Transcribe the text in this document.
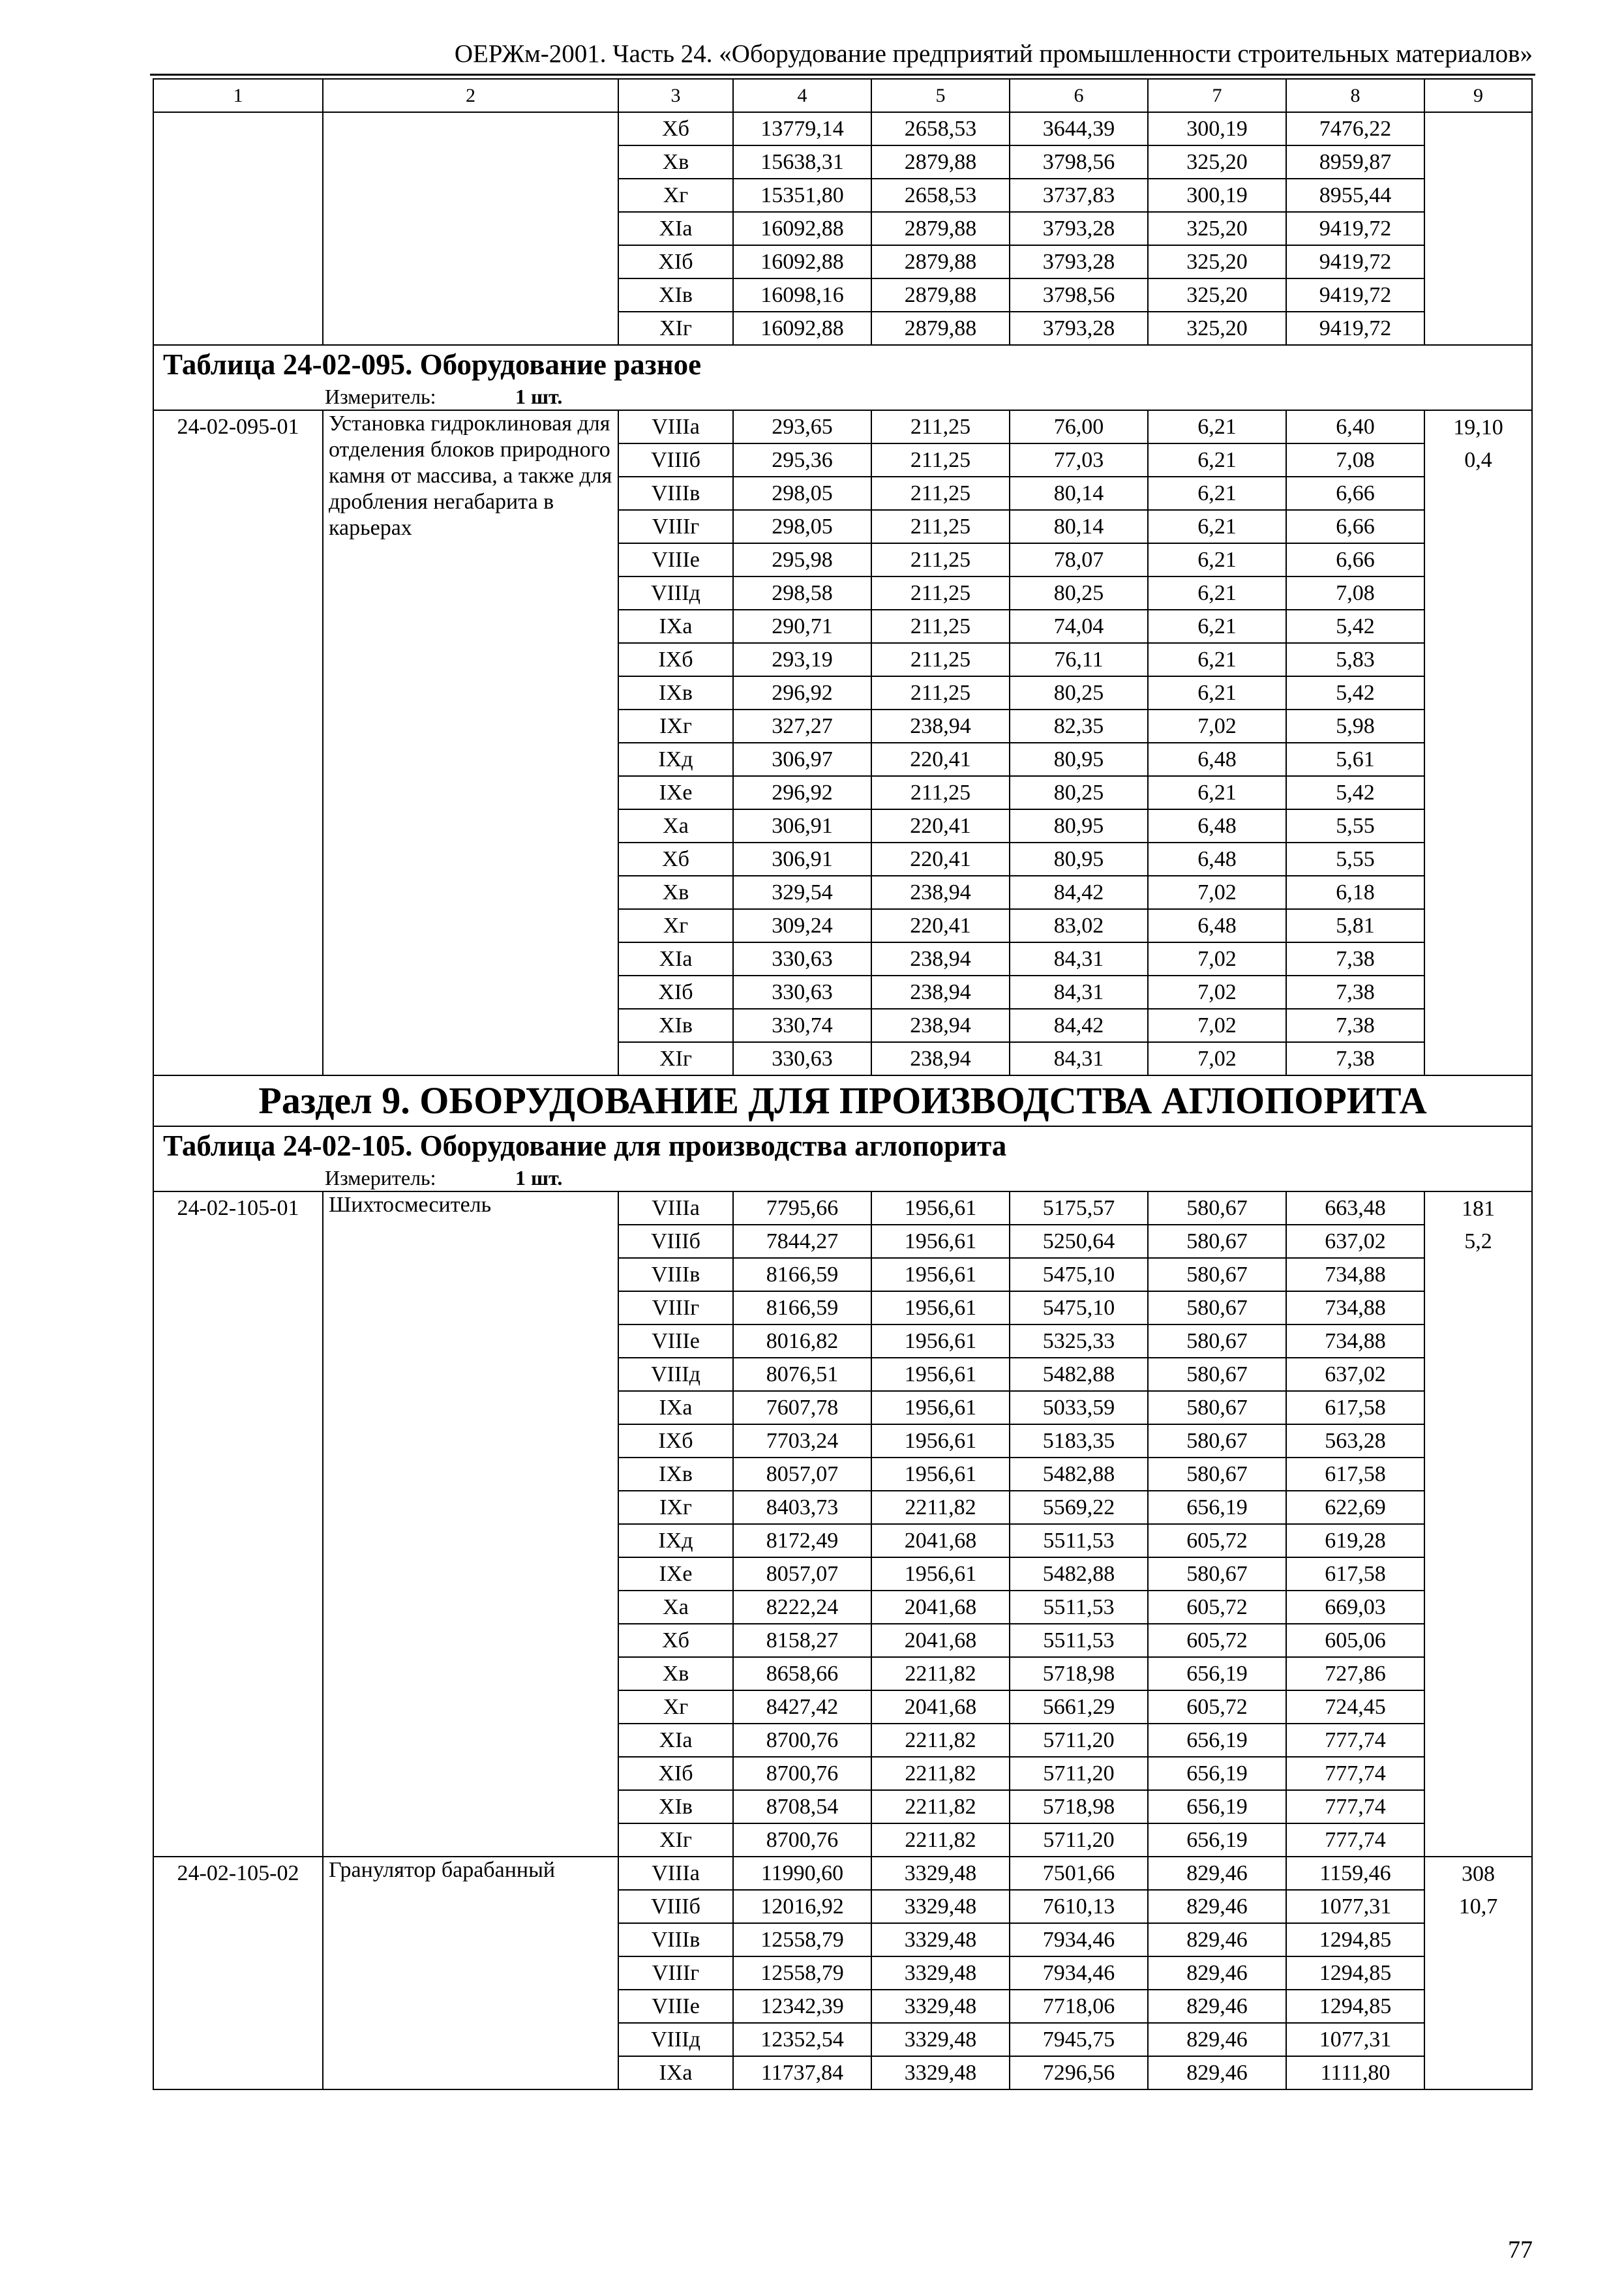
ОЕРЖм-2001. Часть 24. «Оборудование предприятий промышленности строительных материалов»
1	2	3	4	5	6	7	8	9
		Xб	13779,14	2658,53	3644,39	300,19	7476,22	
		Xв	15638,31	2879,88	3798,56	325,20	8959,87	
		Xг	15351,80	2658,53	3737,83	300,19	8955,44	
		XIа	16092,88	2879,88	3793,28	325,20	9419,72	
		XIб	16092,88	2879,88	3793,28	325,20	9419,72	
		XIв	16098,16	2879,88	3798,56	325,20	9419,72	
		XIг	16092,88	2879,88	3793,28	325,20	9419,72	
Таблица 24-02-095. Оборудование разное								
Измеритель: 1 шт.								
24-02-095-01	Установка гидроклиновая для отделения блоков природного камня от массива, а также для дробления негабарита в карьерах	VIIIа	293,65	211,25	76,00	6,21	6,40	19,10
		VIIIб	295,36	211,25	77,03	6,21	7,08	0,4
		VIIIв	298,05	211,25	80,14	6,21	6,66	
		VIIIг	298,05	211,25	80,14	6,21	6,66	
		VIIIе	295,98	211,25	78,07	6,21	6,66	
		VIIIд	298,58	211,25	80,25	6,21	7,08	
		IXа	290,71	211,25	74,04	6,21	5,42	
		IXб	293,19	211,25	76,11	6,21	5,83	
		IXв	296,92	211,25	80,25	6,21	5,42	
		IXг	327,27	238,94	82,35	7,02	5,98	
		IXд	306,97	220,41	80,95	6,48	5,61	
		IXе	296,92	211,25	80,25	6,21	5,42	
		Xа	306,91	220,41	80,95	6,48	5,55	
		Xб	306,91	220,41	80,95	6,48	5,55	
		Xв	329,54	238,94	84,42	7,02	6,18	
		Xг	309,24	220,41	83,02	6,48	5,81	
		XIа	330,63	238,94	84,31	7,02	7,38	
		XIб	330,63	238,94	84,31	7,02	7,38	
		XIв	330,74	238,94	84,42	7,02	7,38	
		XIг	330,63	238,94	84,31	7,02	7,38	
Раздел 9. ОБОРУДОВАНИЕ ДЛЯ ПРОИЗВОДСТВА АГЛОПОРИТА								
Таблица 24-02-105. Оборудование для производства аглопорита								
Измеритель: 1 шт.								
24-02-105-01	Шихтосмеситель	VIIIа	7795,66	1956,61	5175,57	580,67	663,48	181
		VIIIб	7844,27	1956,61	5250,64	580,67	637,02	5,2
		VIIIв	8166,59	1956,61	5475,10	580,67	734,88	
		VIIIг	8166,59	1956,61	5475,10	580,67	734,88	
		VIIIе	8016,82	1956,61	5325,33	580,67	734,88	
		VIIIд	8076,51	1956,61	5482,88	580,67	637,02	
		IXа	7607,78	1956,61	5033,59	580,67	617,58	
		IXб	7703,24	1956,61	5183,35	580,67	563,28	
		IXв	8057,07	1956,61	5482,88	580,67	617,58	
		IXг	8403,73	2211,82	5569,22	656,19	622,69	
		IXд	8172,49	2041,68	5511,53	605,72	619,28	
		IXе	8057,07	1956,61	5482,88	580,67	617,58	
		Xа	8222,24	2041,68	5511,53	605,72	669,03	
		Xб	8158,27	2041,68	5511,53	605,72	605,06	
		Xв	8658,66	2211,82	5718,98	656,19	727,86	
		Xг	8427,42	2041,68	5661,29	605,72	724,45	
		XIа	8700,76	2211,82	5711,20	656,19	777,74	
		XIб	8700,76	2211,82	5711,20	656,19	777,74	
		XIв	8708,54	2211,82	5718,98	656,19	777,74	
		XIг	8700,76	2211,82	5711,20	656,19	777,74	
24-02-105-02	Гранулятор барабанный	VIIIа	11990,60	3329,48	7501,66	829,46	1159,46	308
		VIIIб	12016,92	3329,48	7610,13	829,46	1077,31	10,7
		VIIIв	12558,79	3329,48	7934,46	829,46	1294,85	
		VIIIг	12558,79	3329,48	7934,46	829,46	1294,85	
		VIIIе	12342,39	3329,48	7718,06	829,46	1294,85	
		VIIIд	12352,54	3329,48	7945,75	829,46	1077,31	
		IXа	11737,84	3329,48	7296,56	829,46	1111,80	
77
